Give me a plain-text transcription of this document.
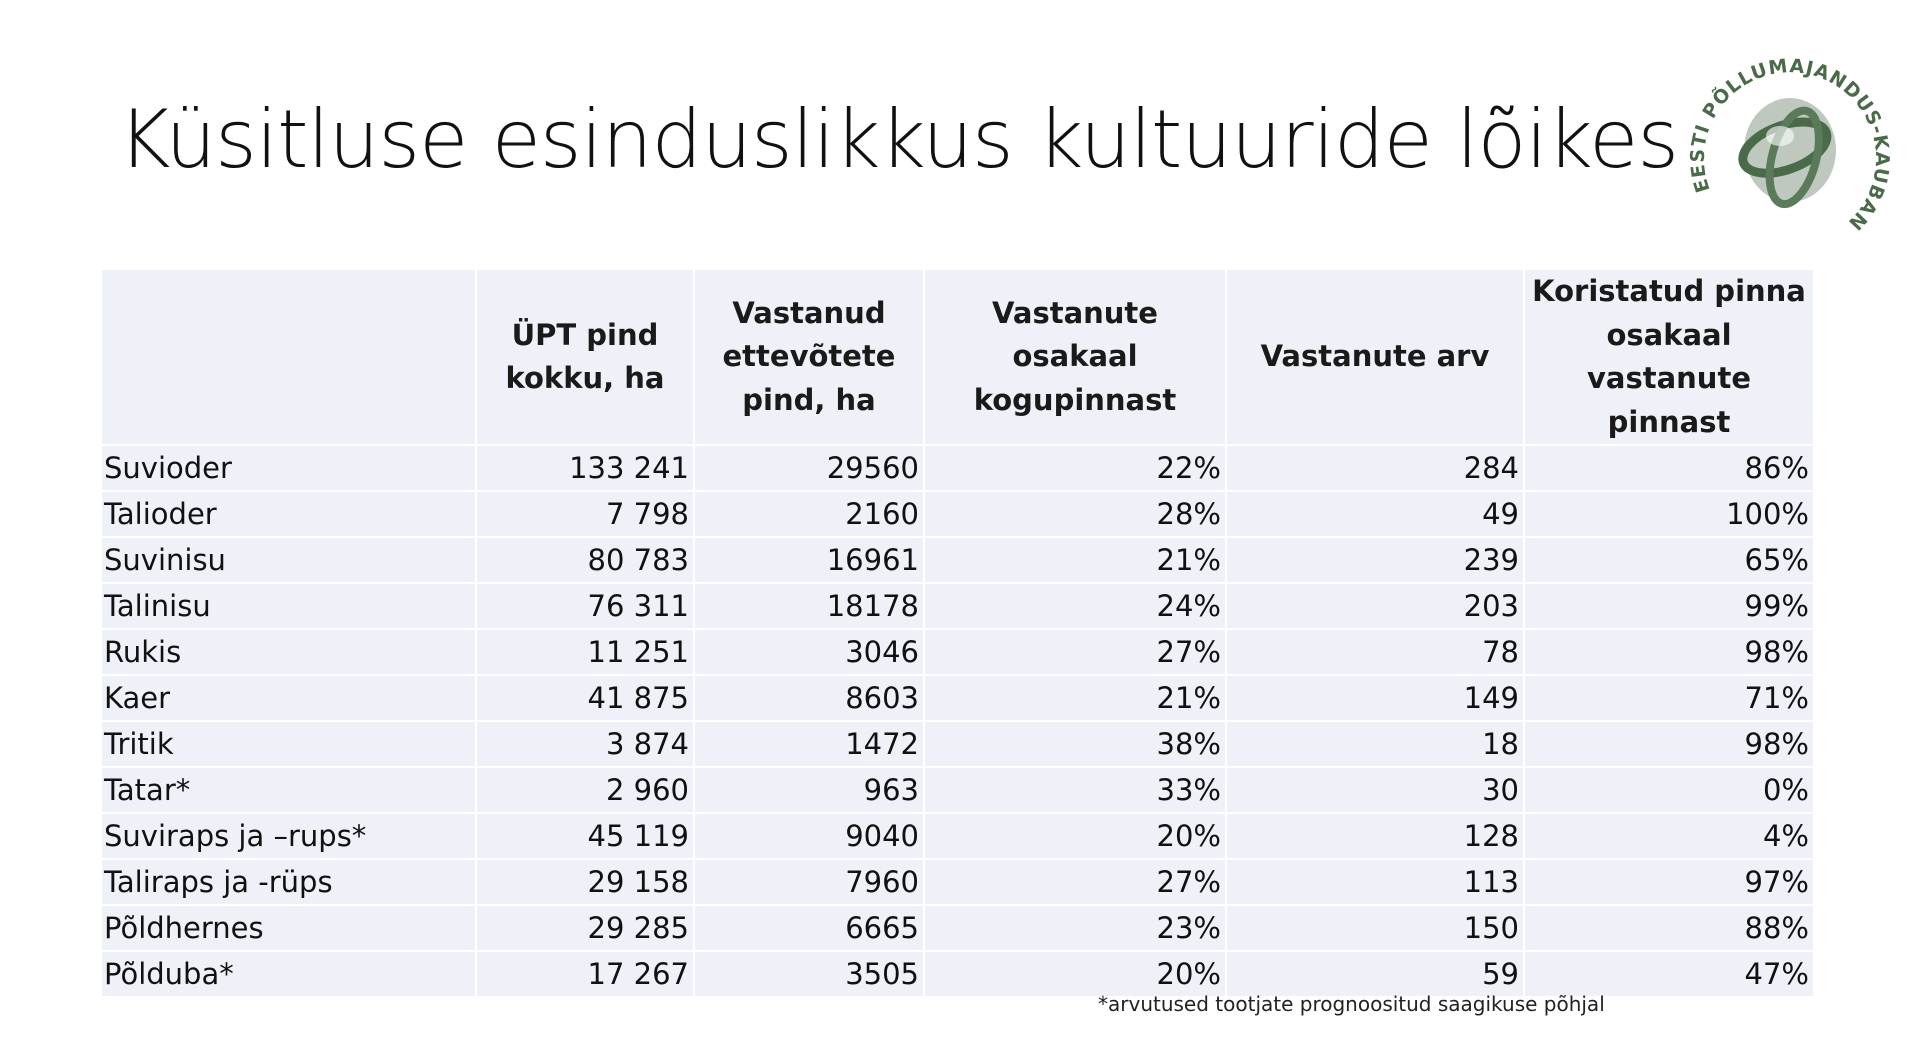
Küsitluse esinduslikkus kultuuride lõikes EESTI PÕLLUMAJANDUS-KAUBAN
	ÜPT pind kokku, ha	Vastanud ettevõtete pind, ha	Vastanute osakaal kogupinnast	Vastanute arv	Koristatud pinna osakaal vastanute pinnast
Suvioder	133 241	29560	22%	284	86%
Talioder	7 798	2160	28%	49	100%
Suvinisu	80 783	16961	21%	239	65%
Talinisu	76 311	18178	24%	203	99%
Rukis	11 251	3046	27%	78	98%
Kaer	41 875	8603	21%	149	71%
Tritik	3 874	1472	38%	18	98%
Tatar*	2 960	963	33%	30	0%
Suviraps ja –rups*	45 119	9040	20%	128	4%
Taliraps ja -rüps	29 158	7960	27%	113	97%
Põldhernes	29 285	6665	23%	150	88%
Põlduba*	17 267	3505	20%	59	47%
*arvutused tootjate prognoositud saagikuse põhjal
